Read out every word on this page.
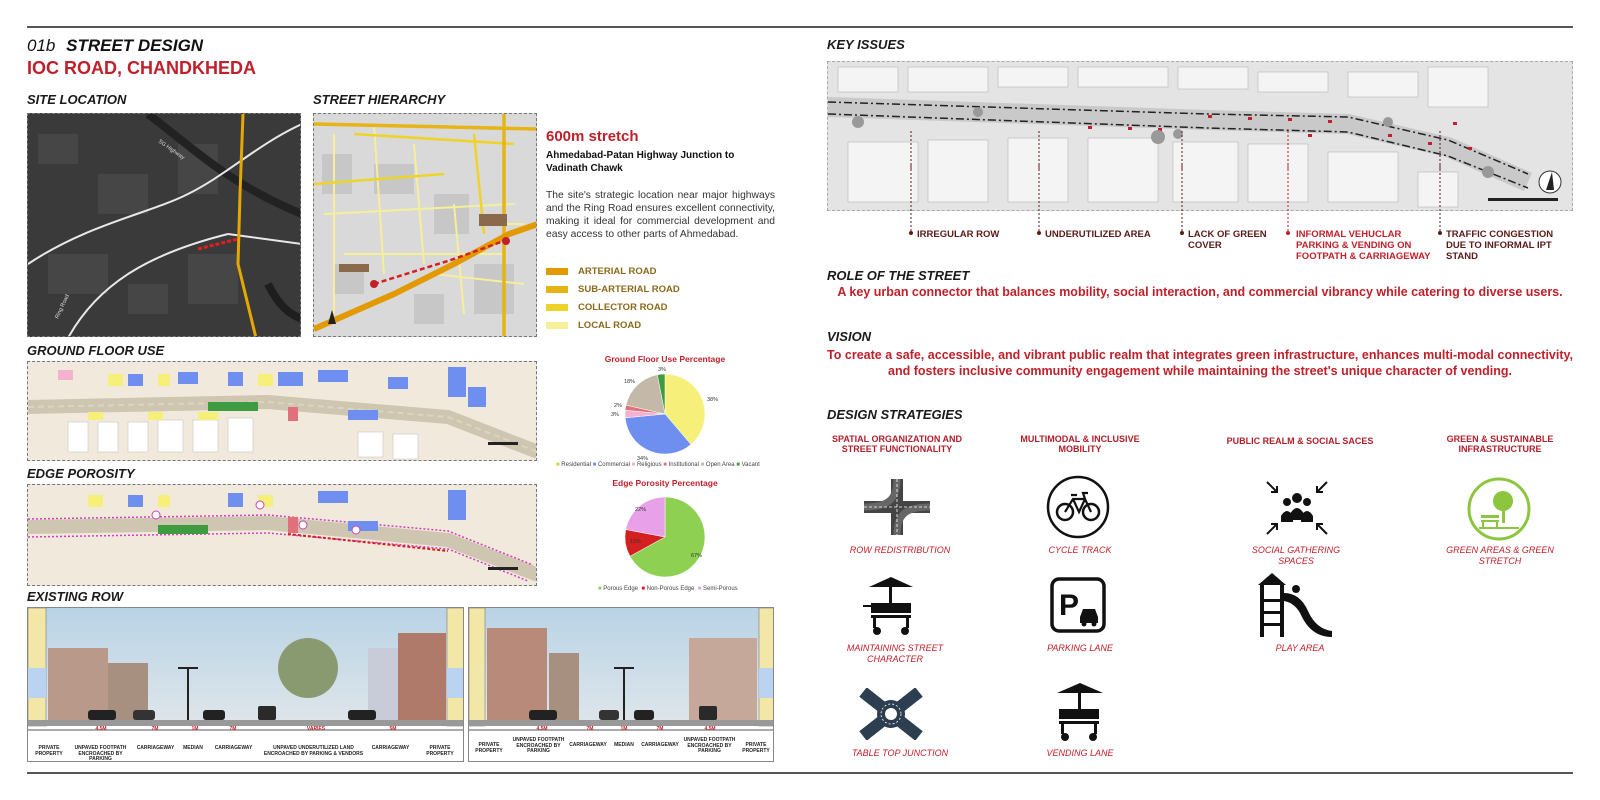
01b STREET DESIGN
IOC ROAD, CHANDKHEDA
SITE LOCATION
SG Highway
Ring Road
STREET HIERARCHY
600m stretch
Ahmedabad-Patan Highway Junction to Vadinath Chawk
The site's strategic location near major highways and the Ring Road ensures excellent connectivity, making it ideal for commercial development and easy access to other parts of Ahmedabad.
ARTERIAL ROAD
SUB-ARTERIAL ROAD
COLLECTOR ROAD
LOCAL ROAD
GROUND FLOOR USE
Ground Floor Use Percentage
38%
34%
3%
2%
18%
3%
■ Residential ■ Commercial ■ Religious ■ Institutional ■ Open Area ■ Vacant
EDGE POROSITY
Edge Porosity Percentage
67%
11%
22%
■ Porous Edge ■ Non-Porous Edge ■ Semi-Porous
EXISTING ROW
4.5M	7M	1M	7M	VARIES	5M
PRIVATE PROPERTY
UNPAVED FOOTPATH ENCROACHED BY PARKING
CARRIAGEWAY	MEDIAN	CARRIAGEWAY	UNPAVED UNDERUTILIZED LAND ENCROACHED BY PARKING & VENDORS
CARRIAGEWAY	PRIVATE PROPERTY
4.5M	7M	1M	7M	4.5M
PRIVATE PROPERTY
UNPAVED FOOTPATH ENCROACHED BY PARKING
CARRIAGEWAY	MEDIAN	CARRIAGEWAY
UNPAVED FOOTPATH ENCROACHED BY PARKING
PRIVATE PROPERTY
KEY ISSUES
IRREGULAR ROW	UNDERUTILIZED AREA	LACK OF GREEN COVER
INFORMAL VEHUCLAR PARKING & VENDING ON FOOTPATH & CARRIAGEWAY
TRAFFIC CONGESTION DUE TO INFORMAL IPT STAND
ROLE OF THE STREET
A key urban connector that balances mobility, social interaction, and commercial vibrancy while catering to diverse users.
VISION
To create a safe, accessible, and vibrant public realm that integrates green infrastructure, enhances multi-modal connectivity, and fosters inclusive community engagement while maintaining the street's unique character of vending.
DESIGN STRATEGIES
SPATIAL ORGANIZATION AND STREET FUNCTIONALITY
MULTIMODAL & INCLUSIVE MOBILITY
PUBLIC REALM & SOCIAL SACES	GREEN & SUSTAINABLE INFRASTRUCTURE
ROW REDISTRIBUTION	CYCLE TRACK	SOCIAL GATHERING SPACES
GREEN AREAS & GREEN STRETCH
P
MAINTAINING STREET CHARACTER
PARKING LANE	PLAY AREA
TABLE TOP JUNCTION	VENDING LANE
